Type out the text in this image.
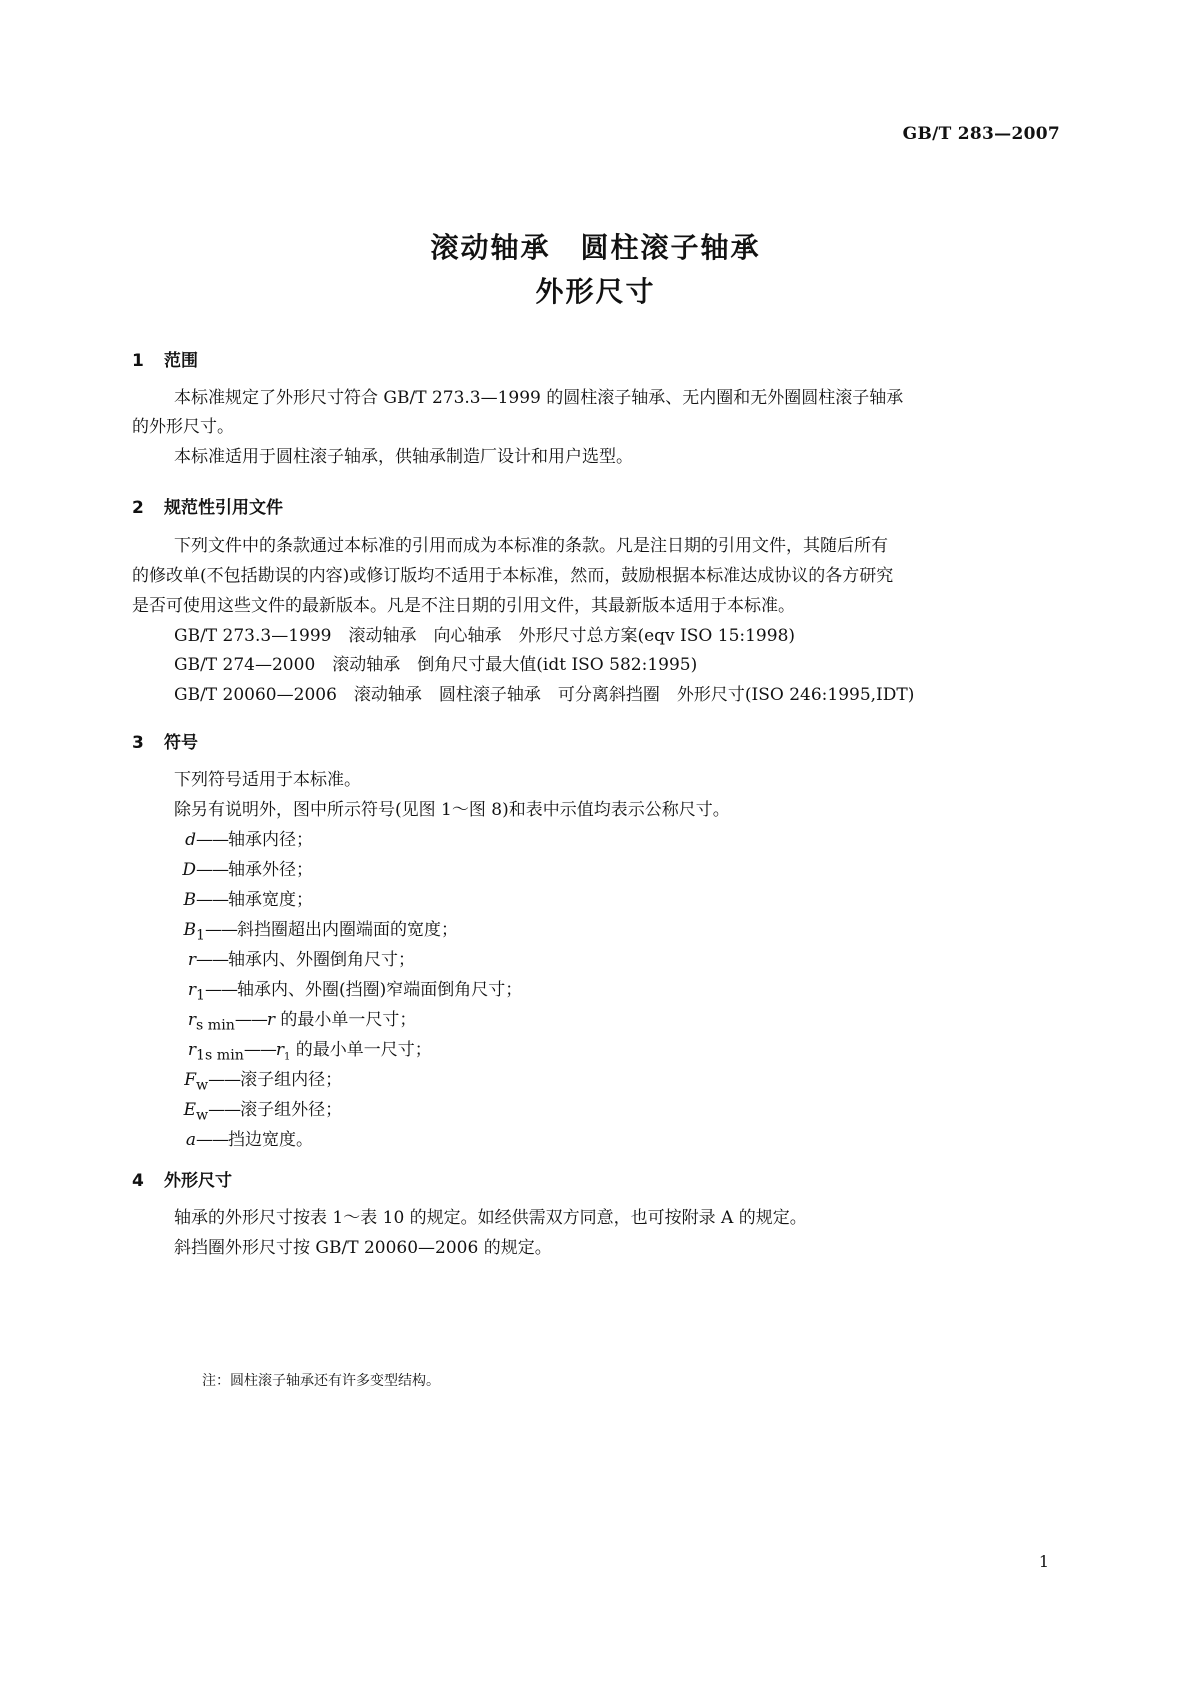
GB/T 283—2007
滚动轴承　圆柱滚子轴承
外形尺寸
1 范围
本标准规定了外形尺寸符合 GB/T 273.3—1999 的圆柱滚子轴承、无内圈和无外圈圆柱滚子轴承
的外形尺寸。
本标准适用于圆柱滚子轴承，供轴承制造厂设计和用户选型。
2 规范性引用文件
下列文件中的条款通过本标准的引用而成为本标准的条款。凡是注日期的引用文件，其随后所有
的修改单(不包括勘误的内容)或修订版均不适用于本标准，然而，鼓励根据本标准达成协议的各方研究
是否可使用这些文件的最新版本。凡是不注日期的引用文件，其最新版本适用于本标准。
GB/T 273.3—1999　滚动轴承　向心轴承　外形尺寸总方案(eqv ISO 15:1998)
GB/T 274—2000　滚动轴承　倒角尺寸最大值(idt ISO 582:1995)
GB/T 20060—2006　滚动轴承　圆柱滚子轴承　可分离斜挡圈　外形尺寸(ISO 246:1995,IDT)
3 符号
下列符号适用于本标准。
除另有说明外，图中所示符号(见图 1～图 8)和表中示值均表示公称尺寸。
d——轴承内径；
D——轴承外径；
B——轴承宽度；
$B_1——$斜挡圈超出内圈端面的宽度；
r——轴承内、外圈倒角尺寸；
$r_1——$轴承内、外圈(挡圈)窄端面倒角尺寸；
$r_{s min}——r$ 的最小单一尺寸；
$r_{1s min}——r_1$ 的最小单一尺寸；
$F_w——$滚子组内径；
$E_w——$滚子组外径；
a——挡边宽度。
4 外形尺寸
轴承的外形尺寸按表 1～表 10 的规定。如经供需双方同意，也可按附录 A 的规定。
斜挡圈外形尺寸按 GB/T 20060—2006 的规定。
注：圆柱滚子轴承还有许多变型结构。
1
